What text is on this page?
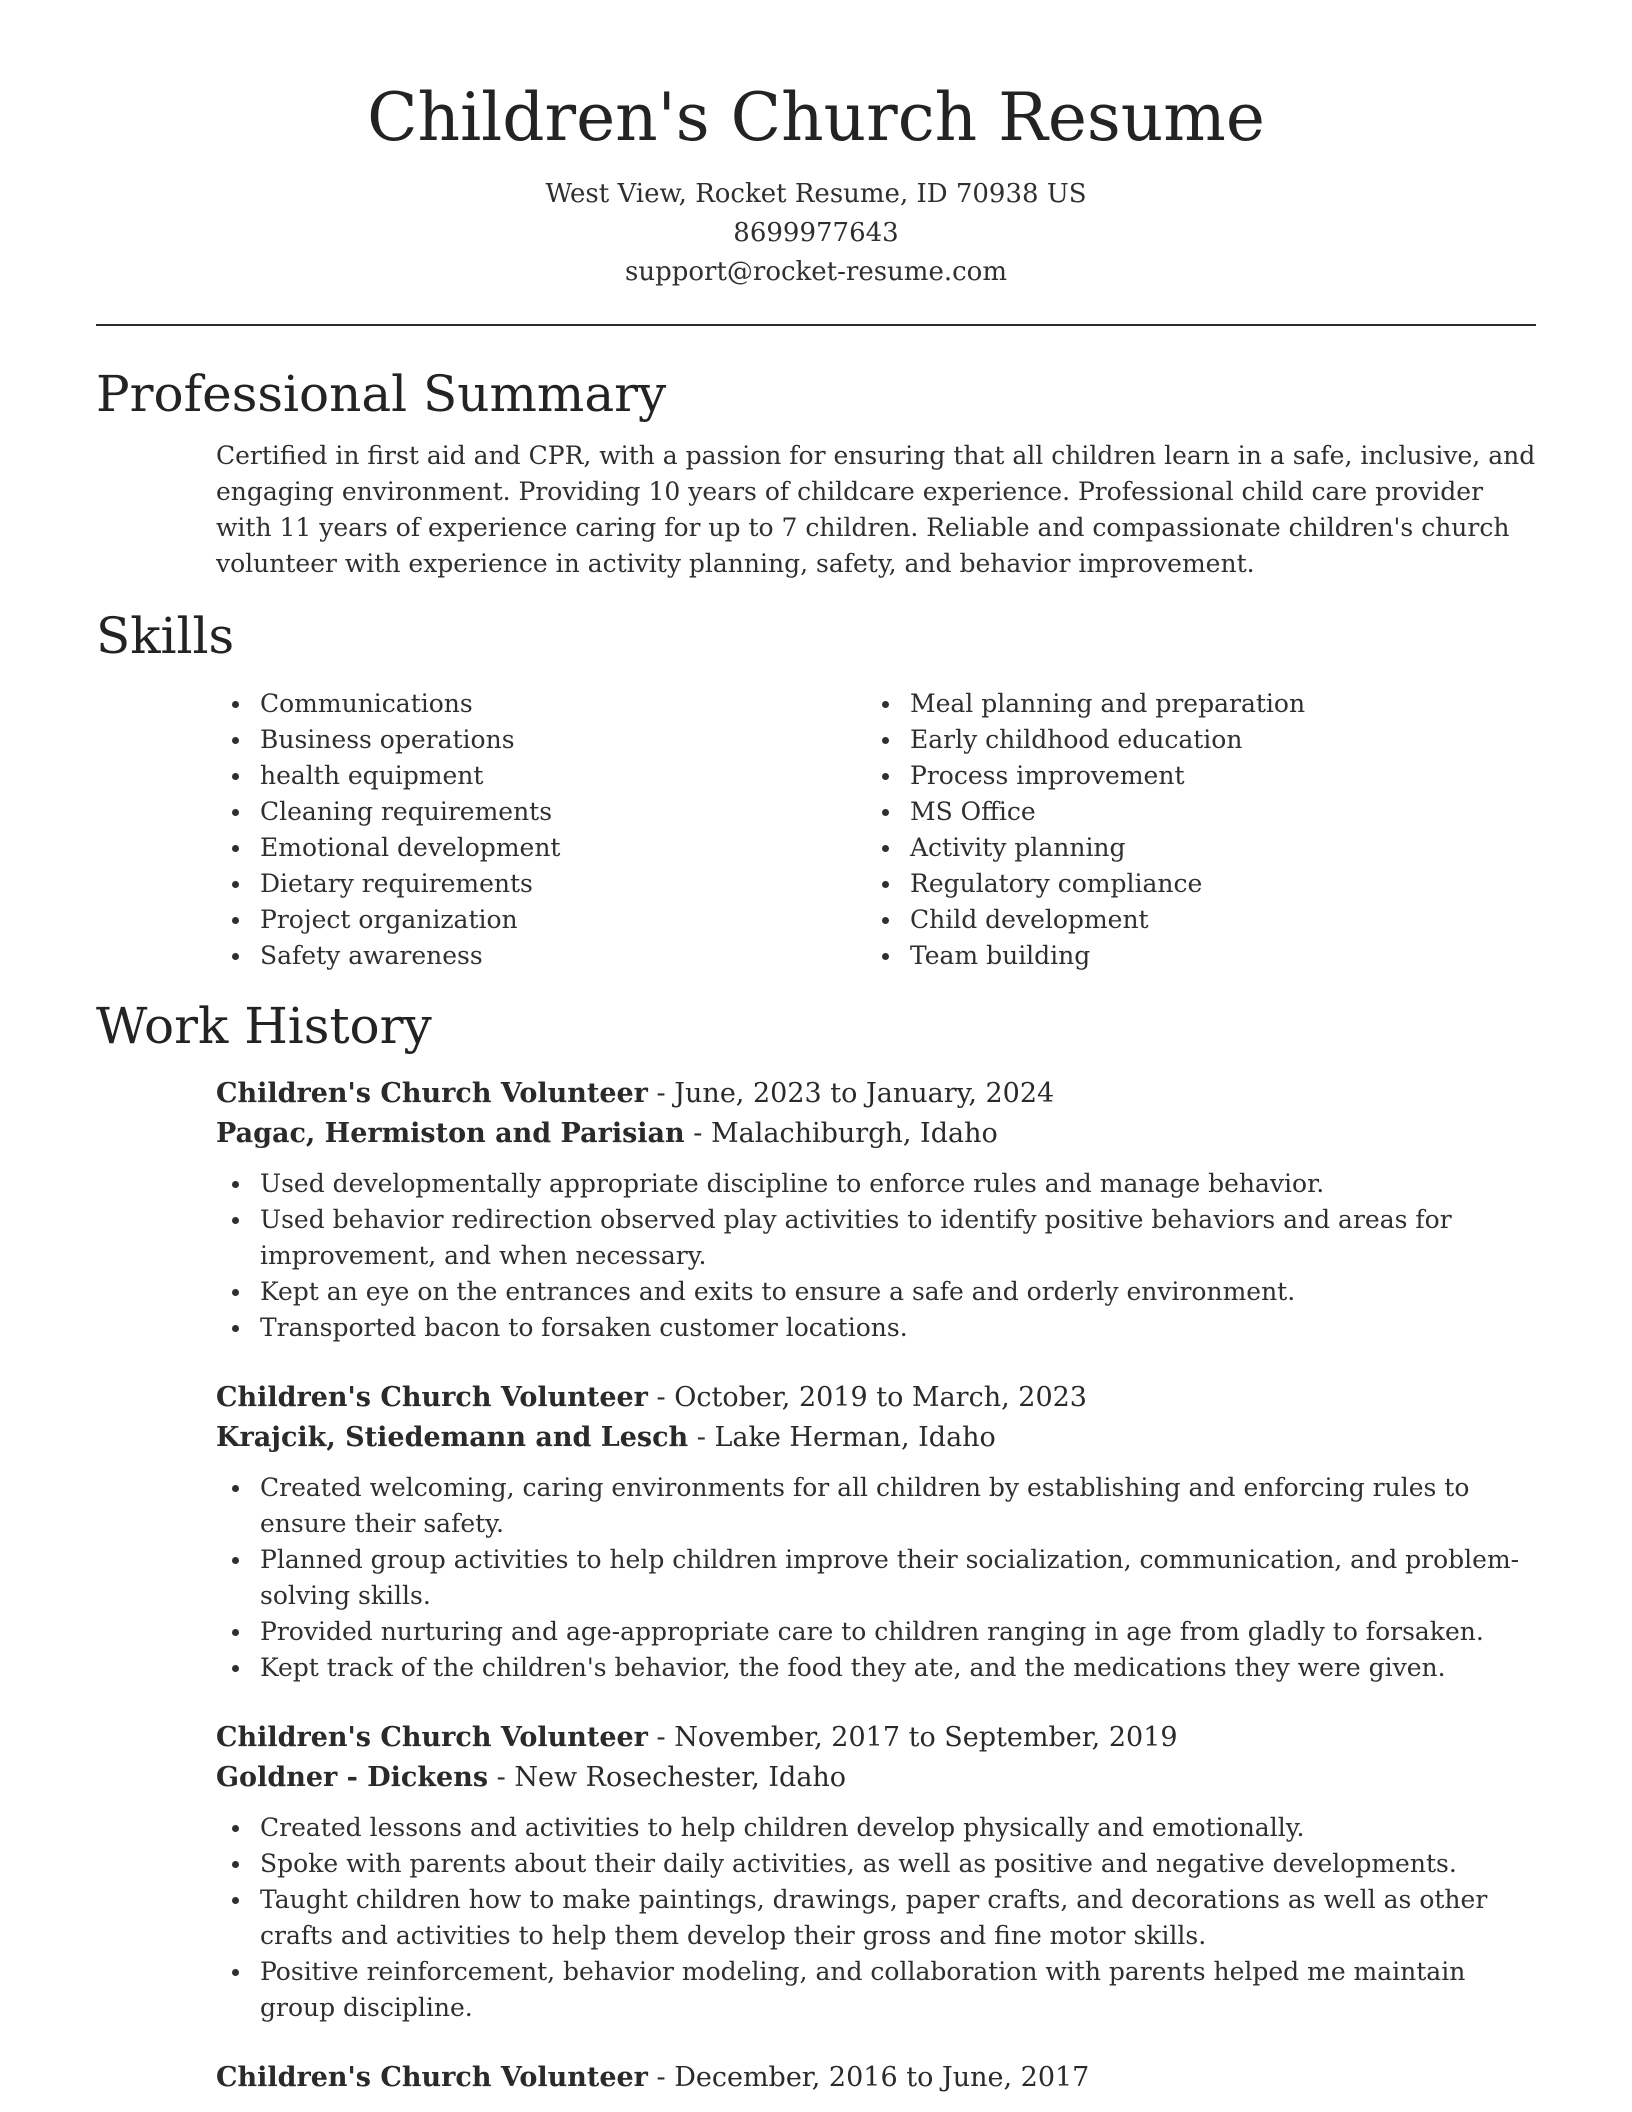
Children's Church Resume
West View, Rocket Resume, ID 70938 US
8699977643
support@rocket-resume.com
Professional Summary

Certified in first aid and CPR, with a passion for ensuring that all children learn in a safe, inclusive, and engaging environment. Providing 10 years of childcare experience. Professional child care provider with 11 years of experience caring for up to 7 children. Reliable and compassionate children's church volunteer with experience in activity planning, safety, and behavior improvement.

Skills
Communications
Business operations
health equipment
Cleaning requirements
Emotional development
Dietary requirements
Project organization
Safety awareness
Meal planning and preparation
Early childhood education
Process improvement
MS Office
Activity planning
Regulatory compliance
Child development
Team building
Work History
Children's Church Volunteer - June, 2023 to January, 2024
Pagac, Hermiston and Parisian - Malachiburgh, Idaho
Used developmentally appropriate discipline to enforce rules and manage behavior.
Used behavior redirection observed play activities to identify positive behaviors and areas for improvement, and when necessary.
Kept an eye on the entrances and exits to ensure a safe and orderly environment.
Transported bacon to forsaken customer locations.
Children's Church Volunteer - October, 2019 to March, 2023
Krajcik, Stiedemann and Lesch - Lake Herman, Idaho
Created welcoming, caring environments for all children by establishing and enforcing rules to ensure their safety.
Planned group activities to help children improve their socialization, communication, and problem-solving skills.
Provided nurturing and age-appropriate care to children ranging in age from gladly to forsaken.
Kept track of the children's behavior, the food they ate, and the medications they were given.
Children's Church Volunteer - November, 2017 to September, 2019
Goldner - Dickens - New Rosechester, Idaho
Created lessons and activities to help children develop physically and emotionally.
Spoke with parents about their daily activities, as well as positive and negative developments.
Taught children how to make paintings, drawings, paper crafts, and decorations as well as other crafts and activities to help them develop their gross and fine motor skills.
Positive reinforcement, behavior modeling, and collaboration with parents helped me maintain group discipline.
Children's Church Volunteer - December, 2016 to June, 2017
